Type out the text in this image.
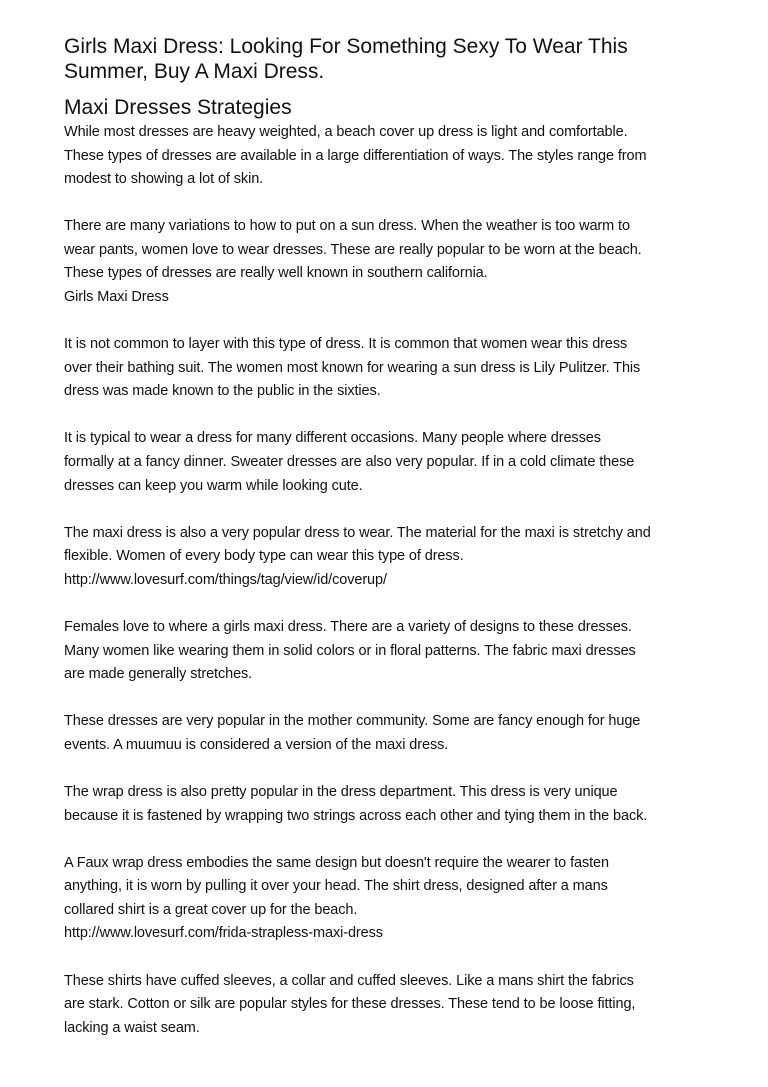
Girls Maxi Dress: Looking For Something Sexy To Wear This
Summer, Buy A Maxi Dress.
Maxi Dresses Strategies

While most dresses are heavy weighted, a beach cover up dress is light and comfortable.
These types of dresses are available in a large differentiation of ways. The styles range from
modest to showing a lot of skin.

There are many variations to how to put on a sun dress. When the weather is too warm to
wear pants, women love to wear dresses. These are really popular to be worn at the beach.
These types of dresses are really well known in southern california.
Girls Maxi Dress

It is not common to layer with this type of dress. It is common that women wear this dress
over their bathing suit. The women most known for wearing a sun dress is Lily Pulitzer. This
dress was made known to the public in the sixties.

It is typical to wear a dress for many different occasions. Many people where dresses
formally at a fancy dinner. Sweater dresses are also very popular. If in a cold climate these
dresses can keep you warm while looking cute.

The maxi dress is also a very popular dress to wear. The material for the maxi is stretchy and
flexible. Women of every body type can wear this type of dress.
http://www.lovesurf.com/things/tag/view/id/coverup/

Females love to where a girls maxi dress. There are a variety of designs to these dresses.
Many women like wearing them in solid colors or in floral patterns. The fabric maxi dresses
are made generally stretches.

These dresses are very popular in the mother community. Some are fancy enough for huge
events. A muumuu is considered a version of the maxi dress.

The wrap dress is also pretty popular in the dress department. This dress is very unique
because it is fastened by wrapping two strings across each other and tying them in the back.

A Faux wrap dress embodies the same design but doesn't require the wearer to fasten
anything, it is worn by pulling it over your head. The shirt dress, designed after a mans
collared shirt is a great cover up for the beach.
http://www.lovesurf.com/frida-strapless-maxi-dress

These shirts have cuffed sleeves, a collar and cuffed sleeves. Like a mans shirt the fabrics
are stark. Cotton or silk are popular styles for these dresses. These tend to be loose fitting,
lacking a waist seam.
